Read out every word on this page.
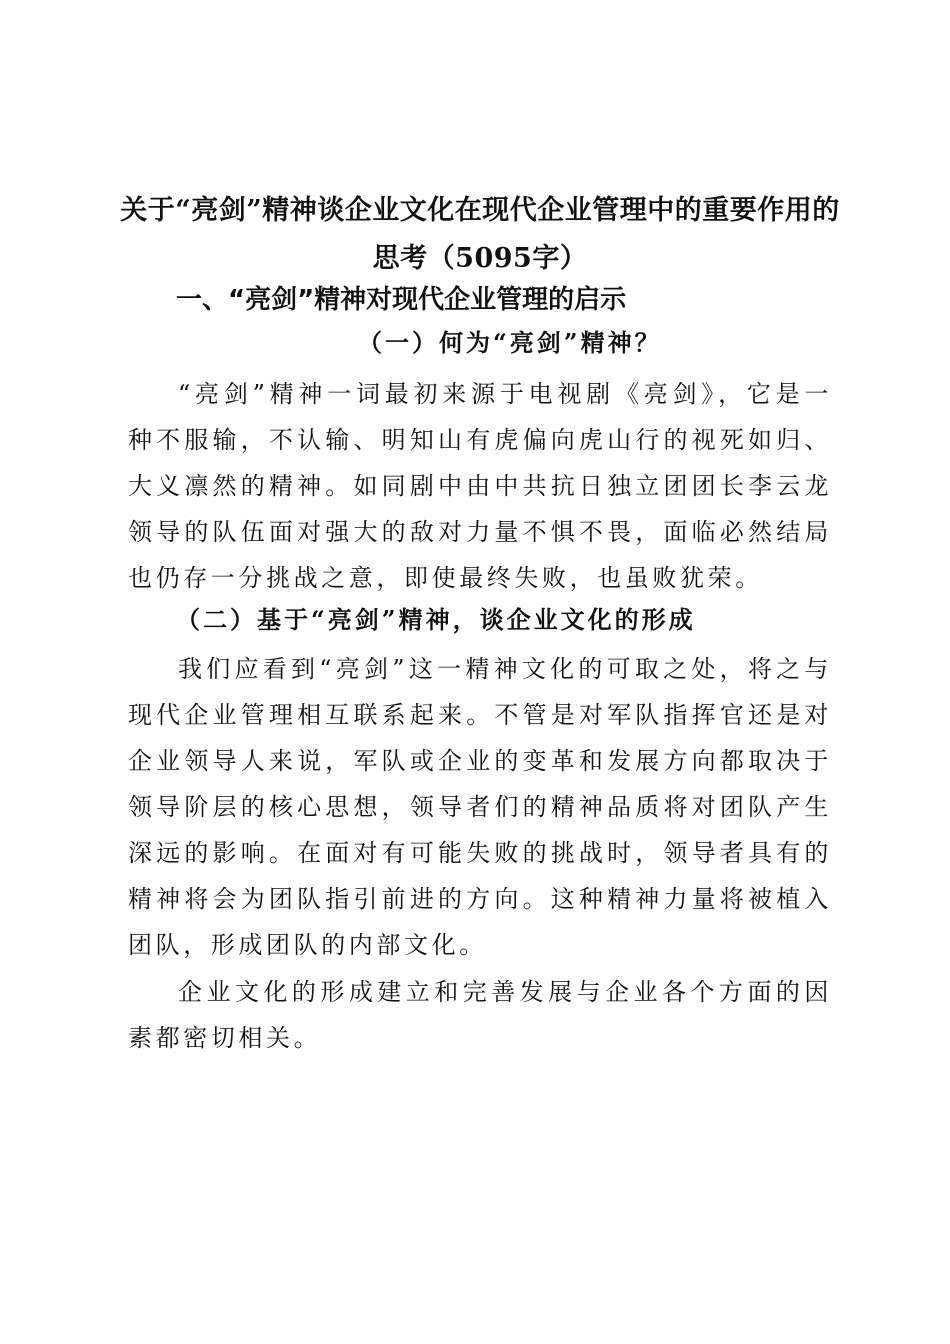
关于“亮剑”精神谈企业文化在现代企业管理中的重要作用的思考（5095字）
一、“亮剑”精神对现代企业管理的启示
（一）何为“亮剑”精神？

“亮剑”精神一词最初来源于电视剧《亮剑》，它是一种不服输，不认输、明知山有虎偏向虎山行的视死如归、大义凛然的精神。如同剧中由中共抗日独立团团长李云龙领导的队伍面对强大的敌对力量不惧不畏，面临必然结局也仍存一分挑战之意，即使最终失败，也虽败犹荣。

（二）基于“亮剑”精神，谈企业文化的形成

我们应看到“亮剑”这一精神文化的可取之处，将之与现代企业管理相互联系起来。不管是对军队指挥官还是对企业领导人来说，军队或企业的变革和发展方向都取决于领导阶层的核心思想，领导者们的精神品质将对团队产生深远的影响。在面对有可能失败的挑战时，领导者具有的精神将会为团队指引前进的方向。这种精神力量将被植入团队，形成团队的内部文化。

企业文化的形成建立和完善发展与企业各个方面的因素都密切相关。
